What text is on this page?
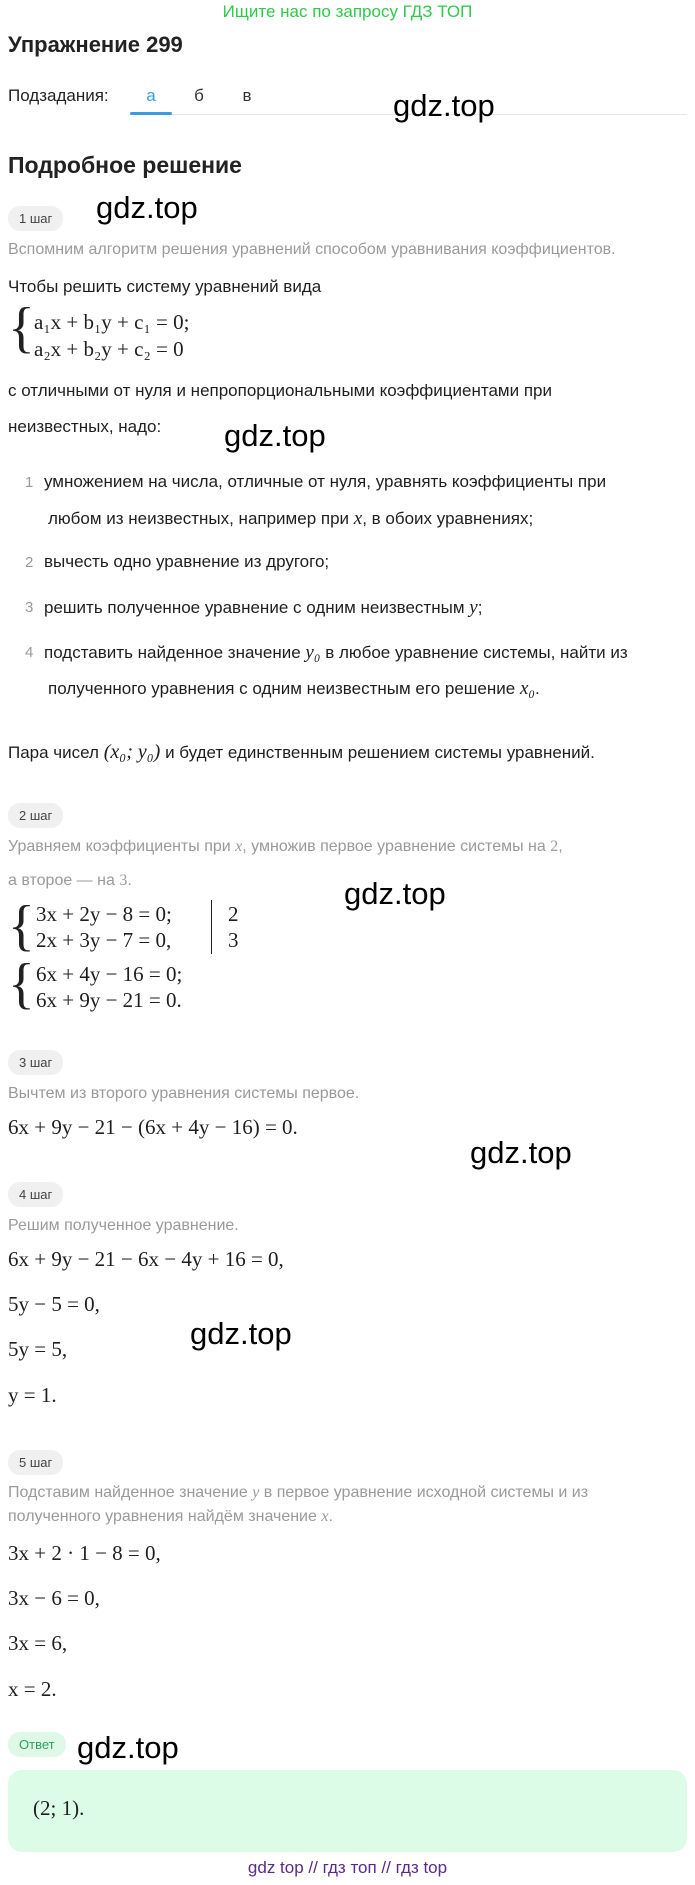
Ищите нас по запросу ГДЗ ТОП
Упражнение 299
Подзадания:	а	б	в	gdz.top
gdz.top
gdz.top
gdz.top
gdz.top
gdz.top
gdz.top
Подробное решение
1 шаг
Вспомним алгоритм решения уравнений способом уравнивания коэффициентов.
Чтобы решить систему уравнений вида
{ a₁x + b₁y + c₁ = 0;
a₂x + b₂y + c₂ = 0
с отличными от нуля и непропорциональными коэффициентами при
неизвестных, надо:
1 умножением на числа, отличные от нуля, уравнять коэффициенты при
любом из неизвестных, например при x, в обоих уравнениях;
2 вычесть одно уравнение из другого;
3 решить полученное уравнение с одним неизвестным y;
4 подставить найденное значение y₀ в любое уравнение системы, найти из
полученного уравнения с одним неизвестным его решение x₀.
Пара чисел (x₀; y₀) и будет единственным решением системы уравнений.
2 шаг
Уравняем коэффициенты при x, умножив первое уравнение системы на 2,
а второе — на 3.
{ 3x + 2y − 8 = 0;
2x + 3y − 7 = 0,
2
3
{ 6x + 4y − 16 = 0;
6x + 9y − 21 = 0.
3 шаг
Вычтем из второго уравнения системы первое.
6x + 9y − 21 − (6x + 4y − 16) = 0.
4 шаг
Решим полученное уравнение.
6x + 9y − 21 − 6x − 4y + 16 = 0,
5y − 5 = 0,
5y = 5,
y = 1.
5 шаг
Подставим найденное значение y в первое уравнение исходной системы и из
полученного уравнения найдём значение x.
3x + 2 · 1 − 8 = 0,
3x − 6 = 0,
3x = 6,
x = 2.
Ответ
(2; 1).
gdz top // гдз топ // гдз top
